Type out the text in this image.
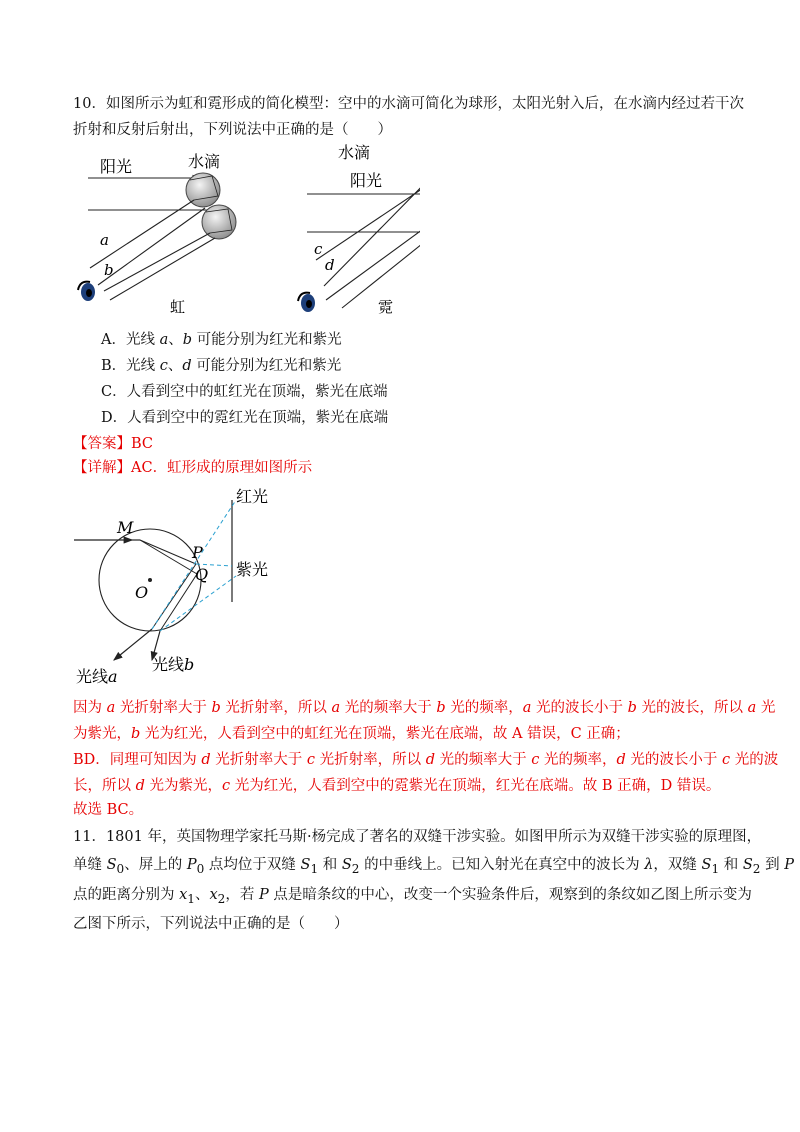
10．如图所示为虹和霓形成的简化模型：空中的水滴可简化为球形，太阳光射入后，在水滴内经过若干次
折射和反射后射出，下列说法中正确的是（　　）
阳光	水滴
a
b
虹
水滴
阳光
c
d
霓
A．光线 a、b 可能分别为红光和紫光
B．光线 c、d 可能分别为红光和紫光
C．人看到空中的虹红光在顶端，紫光在底端
D．人看到空中的霓红光在顶端，紫光在底端
【答案】BC
【详解】AC．虹形成的原理如图所示
红光
紫光
M
P
Q
O
光线a
光线b
因为 a 光折射率大于 b 光折射率，所以 a 光的频率大于 b 光的频率，a 光的波长小于 b 光的波长，所以 a 光
为紫光，b 光为红光，人看到空中的虹红光在顶端，紫光在底端，故 A 错误，C 正确；
BD．同理可知因为 d 光折射率大于 c 光折射率，所以 d 光的频率大于 c 光的频率，d 光的波长小于 c 光的波
长，所以 d 光为紫光，c 光为红光，人看到空中的霓紫光在顶端，红光在底端。故 B 正确，D 错误。
故选 BC。
11．1801 年，英国物理学家托马斯·杨完成了著名的双缝干涉实验。如图甲所示为双缝干涉实验的原理图，
单缝 $S_0$、屏上的 $P_0$ 点均位于双缝 $S_1$ 和 $S_2$ 的中垂线上。已知入射光在真空中的波长为 λ，双缝 $S_1$ 和 $S_2$ 到 P
点的距离分别为 $x_1$、$x_2$，若 P 点是暗条纹的中心，改变一个实验条件后，观察到的条纹如乙图上所示变为
乙图下所示，下列说法中正确的是（　　）
